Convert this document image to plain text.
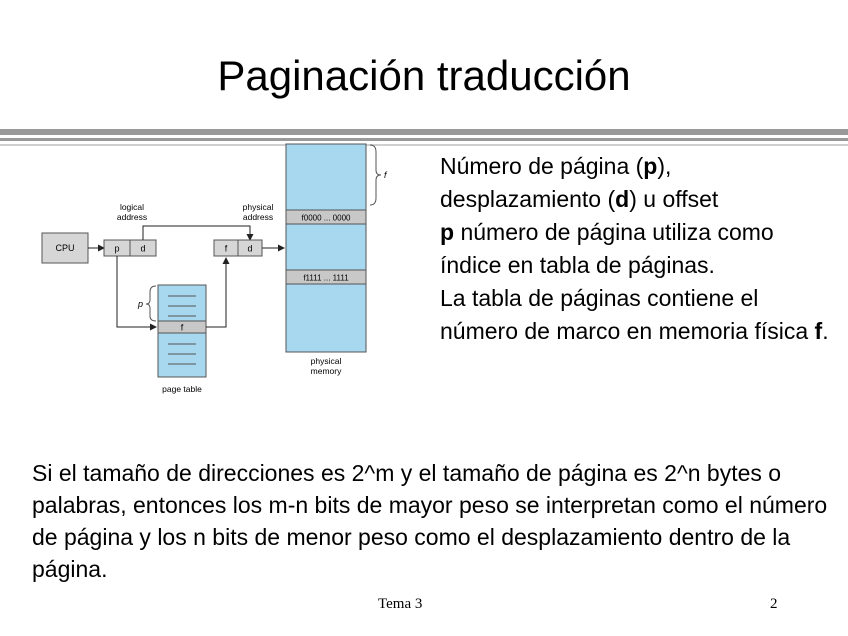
Paginación traducción
f0000 ... 0000
f1111 ... 1111
physical
memory
f
CPU
logical
address
p d
physical
address
f d
f
page table
p

Número de página (p),

desplazamiento (d) u offset

p número de página utiliza como índice en tabla de páginas.

La tabla de páginas contiene el número de marco en memoria física f.

Si el tamaño de direcciones es 2^m y el tamaño de página es 2^n bytes o palabras, entonces los m-n bits de mayor peso se interpretan como el número de página y los n bits de menor peso como el desplazamiento dentro de la página.
Tema 3	2
